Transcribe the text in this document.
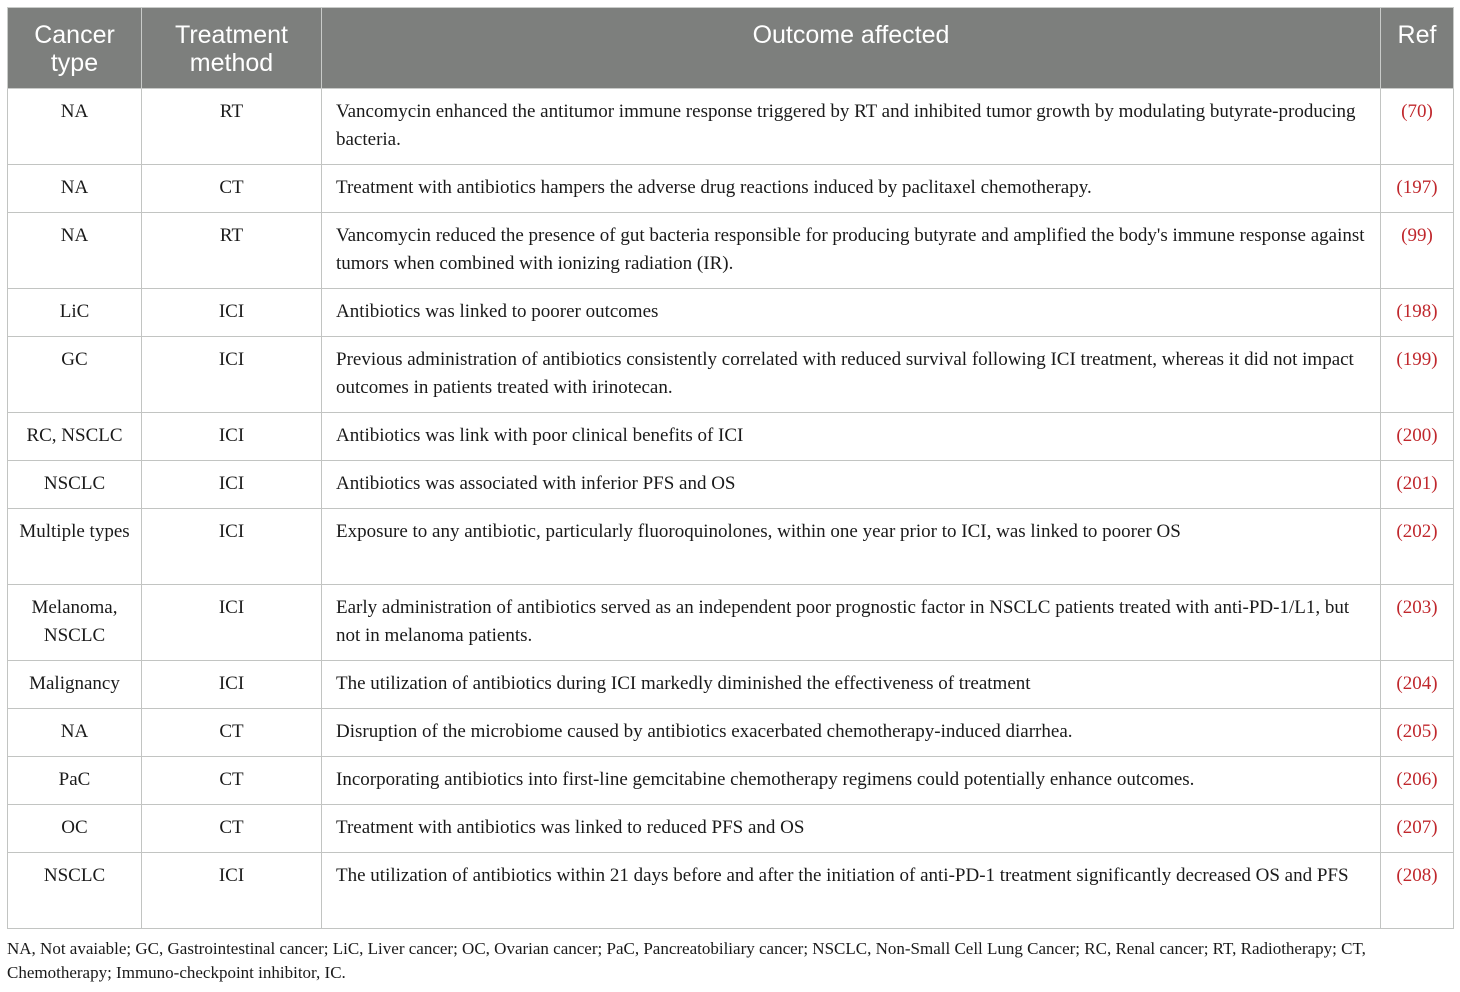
Cancer type	Treatment method	Outcome affected	Ref
NA	RT	Vancomycin enhanced the antitumor immune response triggered by RT and inhibited tumor growth by modulating butyrate-producing bacteria.	(70)
NA	CT	Treatment with antibiotics hampers the adverse drug reactions induced by paclitaxel chemotherapy.	(197)
NA	RT	Vancomycin reduced the presence of gut bacteria responsible for producing butyrate and amplified the body's immune response against tumors when combined with ionizing radiation (IR).	(99)
LiC	ICI	Antibiotics was linked to poorer outcomes	(198)
GC	ICI	Previous administration of antibiotics consistently correlated with reduced survival following ICI treatment, whereas it did not impact outcomes in patients treated with irinotecan.	(199)
RC, NSCLC	ICI	Antibiotics was link with poor clinical benefits of ICI	(200)
NSCLC	ICI	Antibiotics was associated with inferior PFS and OS	(201)
Multiple types	ICI	Exposure to any antibiotic, particularly fluoroquinolones, within one year prior to ICI, was linked to poorer OS	(202)
Melanoma, NSCLC	ICI	Early administration of antibiotics served as an independent poor prognostic factor in NSCLC patients treated with anti-PD-1/L1, but not in melanoma patients.	(203)
Malignancy	ICI	The utilization of antibiotics during ICI markedly diminished the effectiveness of treatment	(204)
NA	CT	Disruption of the microbiome caused by antibiotics exacerbated chemotherapy-induced diarrhea.	(205)
PaC	CT	Incorporating antibiotics into first-line gemcitabine chemotherapy regimens could potentially enhance outcomes.	(206)
OC	CT	Treatment with antibiotics was linked to reduced PFS and OS	(207)
NSCLC	ICI	The utilization of antibiotics within 21 days before and after the initiation of anti-PD-1 treatment significantly decreased OS and PFS	(208)
NA, Not avaiable; GC, Gastrointestinal cancer; LiC, Liver cancer; OC, Ovarian cancer; PaC, Pancreatobiliary cancer; NSCLC, Non-Small Cell Lung Cancer; RC, Renal cancer; RT, Radiotherapy; CT, Chemotherapy; Immuno-checkpoint inhibitor, IC.
